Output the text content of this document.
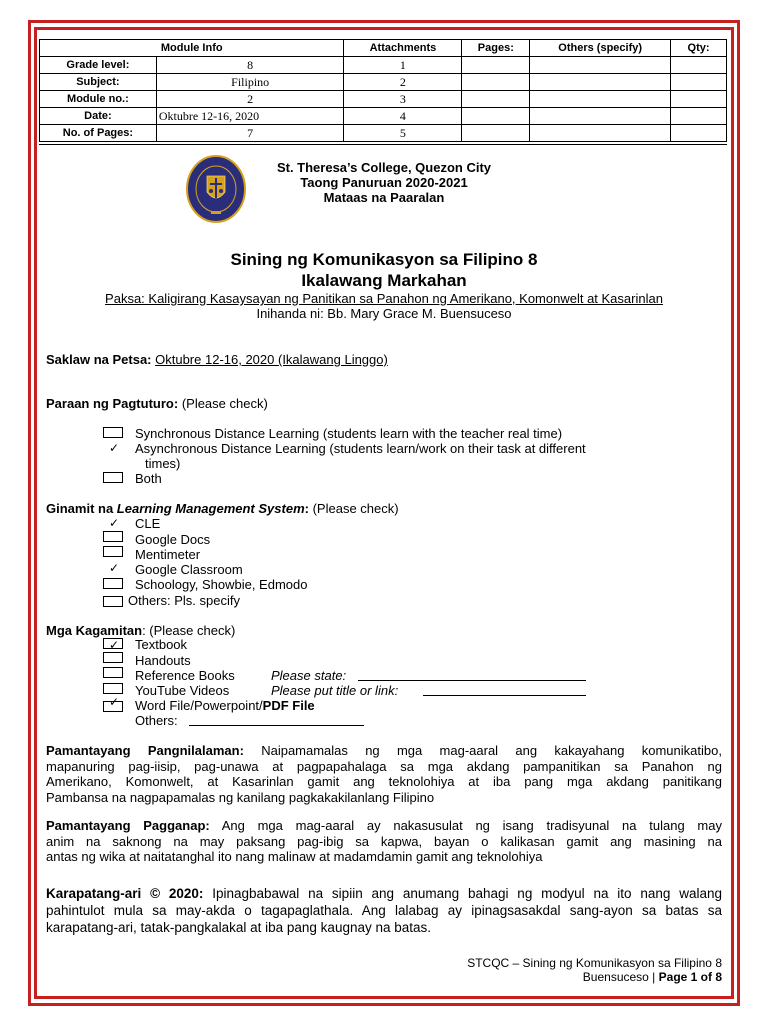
Module Info		Attachments	Pages:	Others (specify)	Qty:
Grade level:	8	1			
Subject:	Filipino	2			
Module no.:	2	3			
Date:	Oktubre 12-16, 2020	4			
No. of Pages:	7	5			
St. Theresa’s College, Quezon City
Taong Panuruan 2020-2021
Mataas na Paaralan
Sining ng Komunikasyon sa Filipino 8
Ikalawang Markahan
Paksa: Kaligirang Kasaysayan ng Panitikan sa Panahon ng Amerikano, Komonwelt at Kasarinlan
Inihanda ni: Bb. Mary Grace M. Buensuceso
Saklaw na Petsa: Oktubre 12-16, 2020 (Ikalawang Linggo)
Paraan ng Pagtuturo: (Please check)
Synchronous Distance Learning (students learn with the teacher real time)
✓ Asynchronous Distance Learning (students learn/work on their task at different
times)
Both
Ginamit na Learning Management System: (Please check)
✓ CLE
Google Docs
Mentimeter
✓ Google Classroom
Schoology, Showbie, Edmodo
Others: Pls. specify
Mga Kagamitan: (Please check)
✓ Textbook
Handouts
Reference Books	Please state:
YouTube Videos	Please put title or link:
✓ Word File/Powerpoint/PDF File
Others:
Pamantayang Pangnilalaman: Naipamamalas ng mga mag-aaral ang kakayahang komunikatibo,
mapanuring pag-iisip, pag-unawa at pagpapahalaga sa mga akdang pampanitikan sa Panahon ng
Amerikano, Komonwelt, at Kasarinlan gamit ang teknolohiya at iba pang mga akdang panitikang
Pambansa na nagpapamalas ng kanilang pagkakakilanlang Filipino
Pamantayang Pagganap: Ang mga mag-aaral ay nakasusulat ng isang tradisyunal na tulang may
anim na saknong na may paksang pag-ibig sa kapwa, bayan o kalikasan gamit ang masining na
antas ng wika at naitatanghal ito nang malinaw at madamdamin gamit ang teknolohiya
Karapatang-ari © 2020: Ipinagbabawal na sipiin ang anumang bahagi ng modyul na ito nang walang
pahintulot mula sa may-akda o tagapaglathala. Ang lalabag ay ipinagsasakdal sang-ayon sa batas sa
karapatang-ari, tatak-pangkalakal at iba pang kaugnay na batas.
STCQC – Sining ng Komunikasyon sa Filipino 8
Buensuceso | Page 1 of 8
